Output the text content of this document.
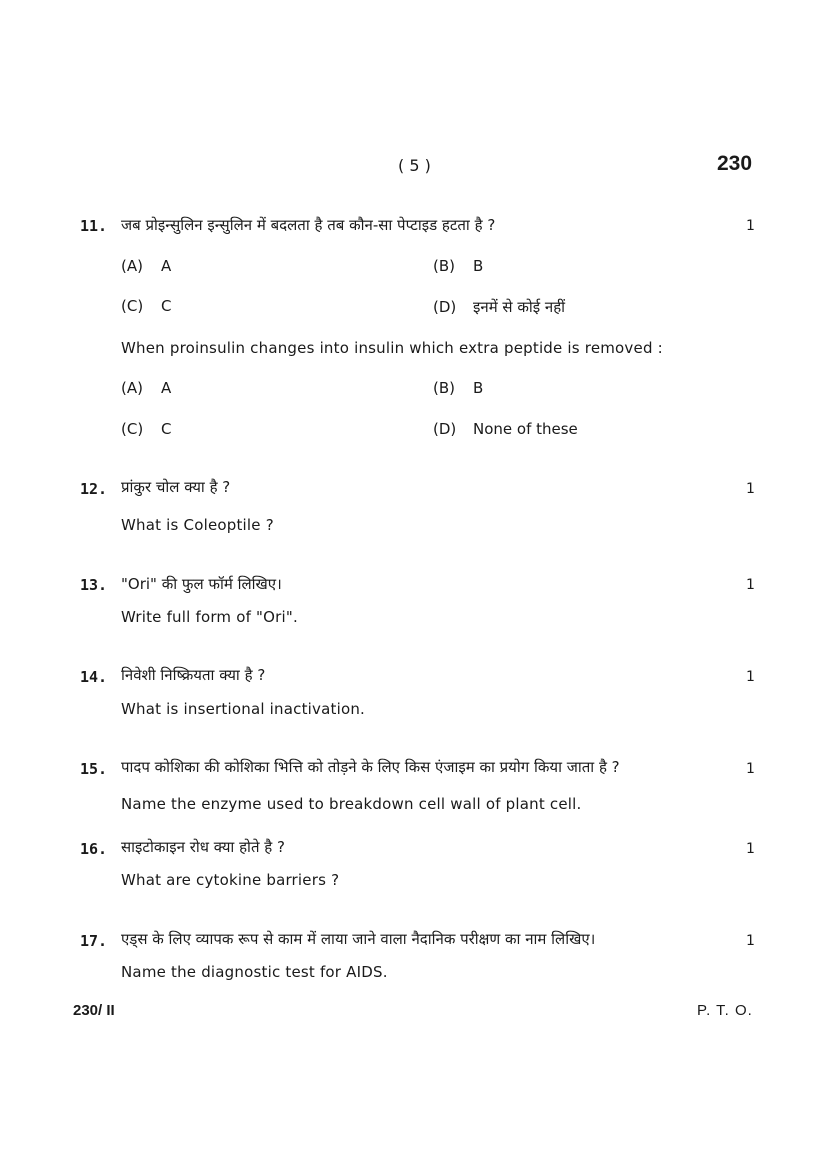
( 5 )	230
11. जब प्रोइन्सुलिन इन्सुलिन में बदलता है तब कौन-सा पेप्टाइड हटता है ?	1
(A) A	(B) B
(C) C	(D) इनमें से कोई नहीं
When proinsulin changes into insulin which extra peptide is removed :
(A) A	(B) B
(C) C	(D) None of these
12. प्रांकुर चोल क्या है ?	1
What is Coleoptile ?
13. "Ori" की फुल फॉर्म लिखिए।	1
Write full form of "Ori".
14. निवेशी निष्क्रियता क्या है ?	1
What is insertional inactivation.
15. पादप कोशिका की कोशिका भित्ति को तोड़ने के लिए किस एंजाइम का प्रयोग किया जाता है ?	1
Name the enzyme used to breakdown cell wall of plant cell.
16. साइटोकाइन रोध क्या होते है ?	1
What are cytokine barriers ?
17. एड्स के लिए व्यापक रूप से काम में लाया जाने वाला नैदानिक परीक्षण का नाम लिखिए।	1
Name the diagnostic test for AIDS.
230/ II	P. T. O.
